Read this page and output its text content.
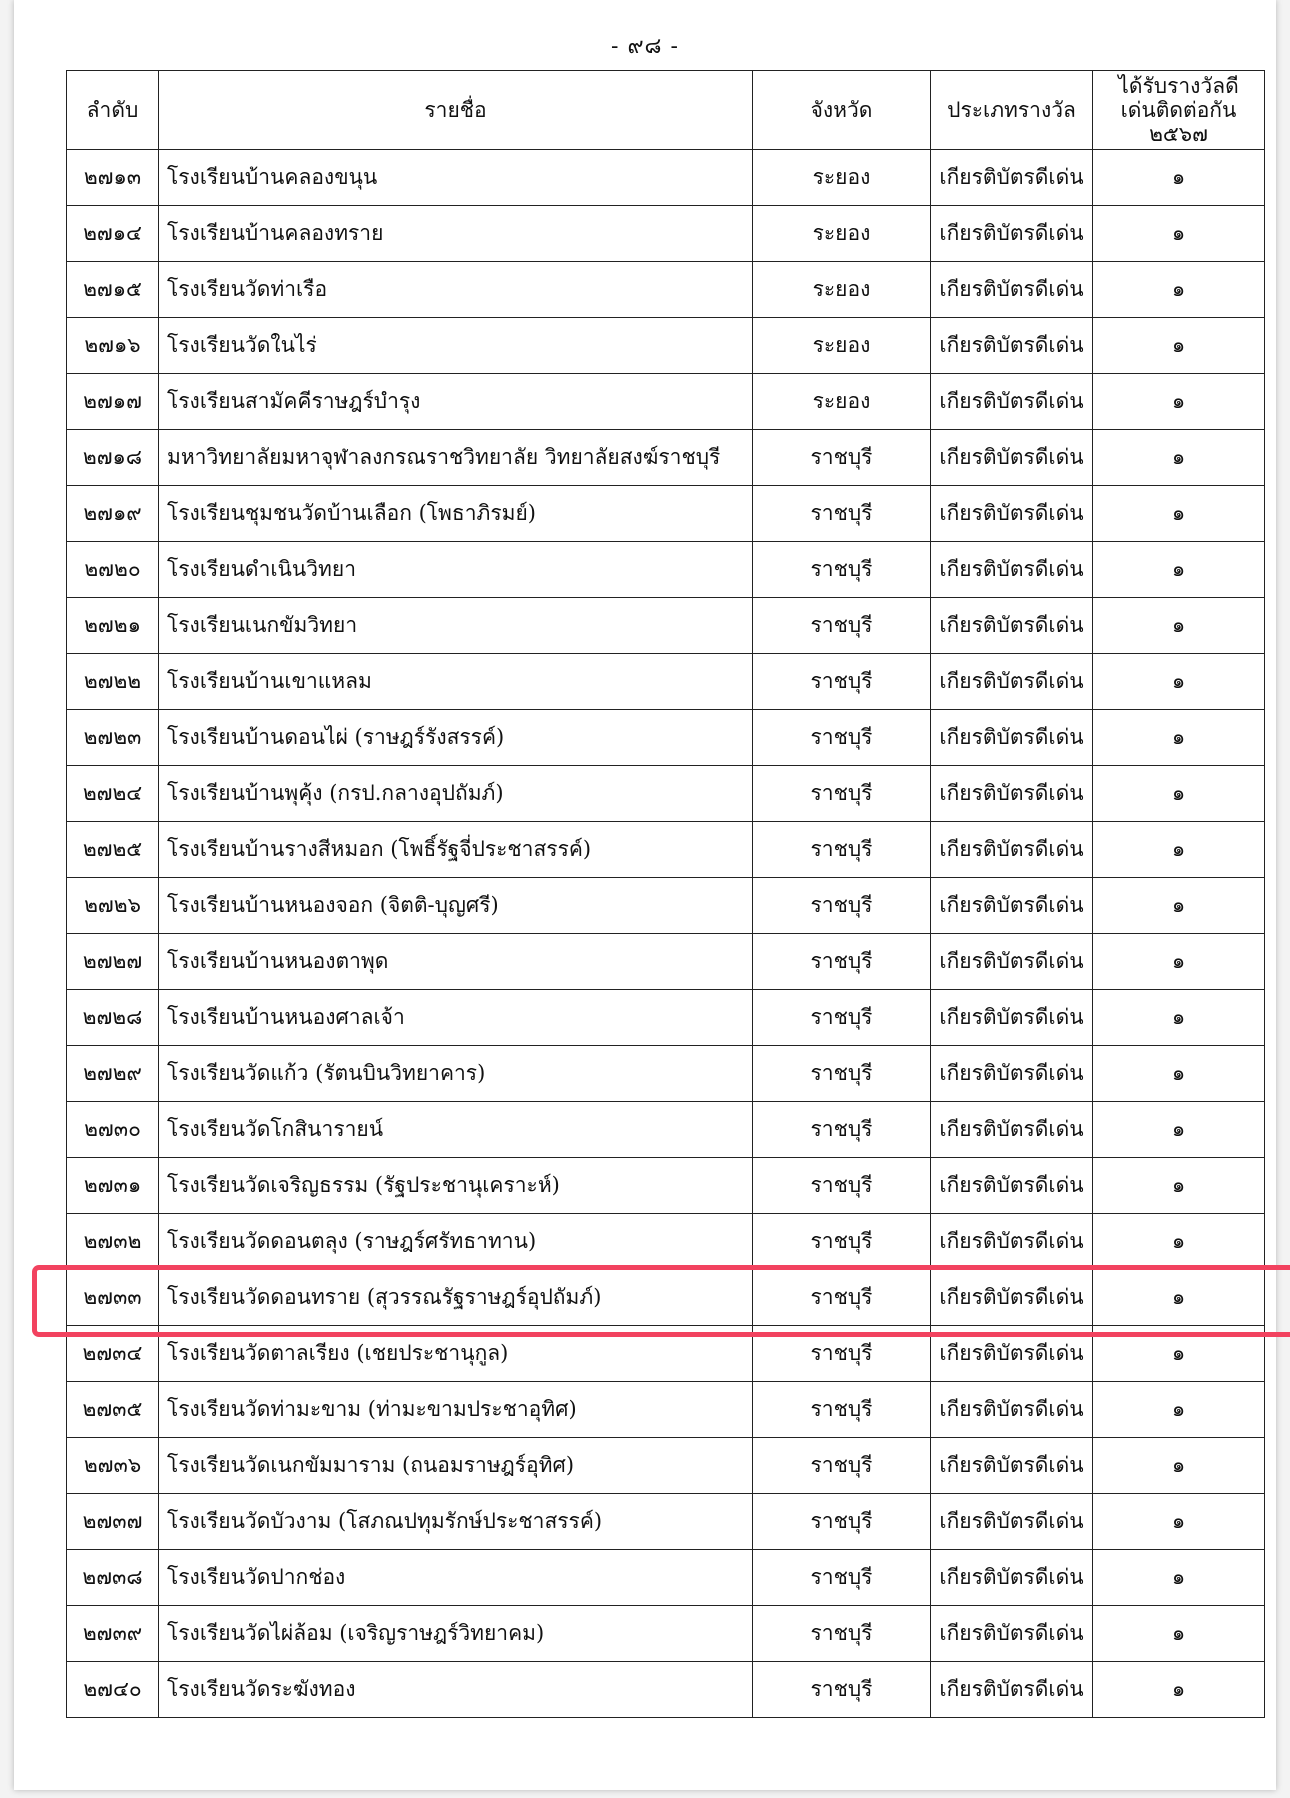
- ๙๘ -
ลำดับ	รายชื่อ	จังหวัด	ประเภทรางวัล	ได้รับรางวัลดีเด่นติดต่อกัน ๒๕๖๗
๒๗๑๓	โรงเรียนบ้านคลองขนุน	ระยอง	เกียรติบัตรดีเด่น	๑
๒๗๑๔	โรงเรียนบ้านคลองทราย	ระยอง	เกียรติบัตรดีเด่น	๑
๒๗๑๕	โรงเรียนวัดท่าเรือ	ระยอง	เกียรติบัตรดีเด่น	๑
๒๗๑๖	โรงเรียนวัดในไร่	ระยอง	เกียรติบัตรดีเด่น	๑
๒๗๑๗	โรงเรียนสามัคคีราษฎร์บำรุง	ระยอง	เกียรติบัตรดีเด่น	๑
๒๗๑๘	มหาวิทยาลัยมหาจุฬาลงกรณราชวิทยาลัย วิทยาลัยสงฆ์ราชบุรี	ราชบุรี	เกียรติบัตรดีเด่น	๑
๒๗๑๙	โรงเรียนชุมชนวัดบ้านเลือก (โพธาภิรมย์)	ราชบุรี	เกียรติบัตรดีเด่น	๑
๒๗๒๐	โรงเรียนดำเนินวิทยา	ราชบุรี	เกียรติบัตรดีเด่น	๑
๒๗๒๑	โรงเรียนเนกขัมวิทยา	ราชบุรี	เกียรติบัตรดีเด่น	๑
๒๗๒๒	โรงเรียนบ้านเขาแหลม	ราชบุรี	เกียรติบัตรดีเด่น	๑
๒๗๒๓	โรงเรียนบ้านดอนไผ่ (ราษฎร์รังสรรค์)	ราชบุรี	เกียรติบัตรดีเด่น	๑
๒๗๒๔	โรงเรียนบ้านพุคุ้ง (กรป.กลางอุปถัมภ์)	ราชบุรี	เกียรติบัตรดีเด่น	๑
๒๗๒๕	โรงเรียนบ้านรางสีหมอก (โพธิ์รัฐจี่ประชาสรรค์)	ราชบุรี	เกียรติบัตรดีเด่น	๑
๒๗๒๖	โรงเรียนบ้านหนองจอก (จิตติ-บุญศรี)	ราชบุรี	เกียรติบัตรดีเด่น	๑
๒๗๒๗	โรงเรียนบ้านหนองตาพุด	ราชบุรี	เกียรติบัตรดีเด่น	๑
๒๗๒๘	โรงเรียนบ้านหนองศาลเจ้า	ราชบุรี	เกียรติบัตรดีเด่น	๑
๒๗๒๙	โรงเรียนวัดแก้ว (รัตนบินวิทยาคาร)	ราชบุรี	เกียรติบัตรดีเด่น	๑
๒๗๓๐	โรงเรียนวัดโกสินารายน์	ราชบุรี	เกียรติบัตรดีเด่น	๑
๒๗๓๑	โรงเรียนวัดเจริญธรรม (รัฐประชานุเคราะห์)	ราชบุรี	เกียรติบัตรดีเด่น	๑
๒๗๓๒	โรงเรียนวัดดอนตลุง (ราษฎร์ศรัทธาทาน)	ราชบุรี	เกียรติบัตรดีเด่น	๑
๒๗๓๓	โรงเรียนวัดดอนทราย (สุวรรณรัฐราษฎร์อุปถัมภ์)	ราชบุรี	เกียรติบัตรดีเด่น	๑
๒๗๓๔	โรงเรียนวัดตาลเรียง (เชยประชานุกูล)	ราชบุรี	เกียรติบัตรดีเด่น	๑
๒๗๓๕	โรงเรียนวัดท่ามะขาม (ท่ามะขามประชาอุทิศ)	ราชบุรี	เกียรติบัตรดีเด่น	๑
๒๗๓๖	โรงเรียนวัดเนกขัมมาราม (ถนอมราษฎร์อุทิศ)	ราชบุรี	เกียรติบัตรดีเด่น	๑
๒๗๓๗	โรงเรียนวัดบัวงาม (โสภณปทุมรักษ์ประชาสรรค์)	ราชบุรี	เกียรติบัตรดีเด่น	๑
๒๗๓๘	โรงเรียนวัดปากช่อง	ราชบุรี	เกียรติบัตรดีเด่น	๑
๒๗๓๙	โรงเรียนวัดไผ่ล้อม (เจริญราษฎร์วิทยาคม)	ราชบุรี	เกียรติบัตรดีเด่น	๑
๒๗๔๐	โรงเรียนวัดระฆังทอง	ราชบุรี	เกียรติบัตรดีเด่น	๑
